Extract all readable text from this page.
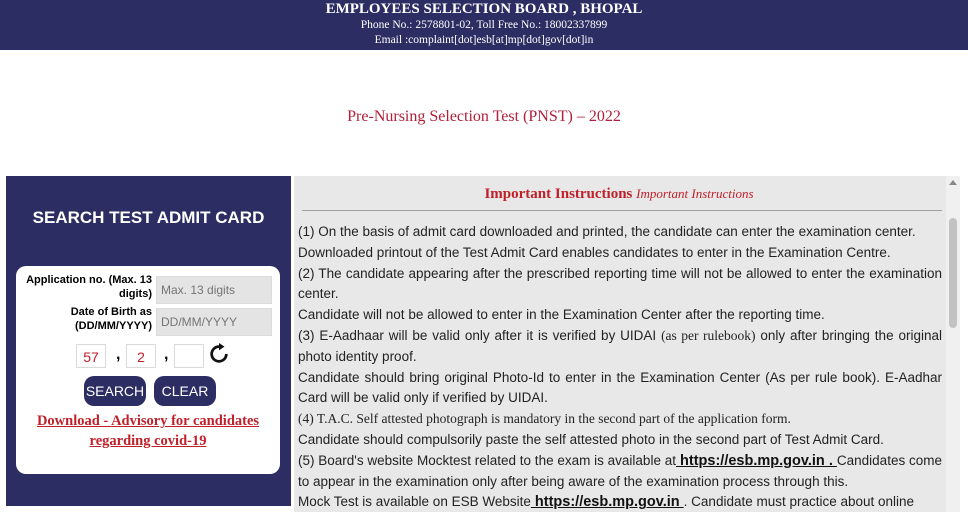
EMPLOYEES SELECTION BOARD , BHOPAL
Phone No.: 2578801-02, Toll Free No.: 18002337899
Email :complaint[dot]esb[at]mp[dot]gov[dot]in
Pre-Nursing Selection Test (PNST) – 2022
SEARCH TEST ADMIT CARD
Application no. (Max. 13
digits)
Max. 13 digits
Date of Birth as
(DD/MM/YYYY)
DD/MM/YYYY
57	,	2	,
SEARCH	CLEAR
Download - Advisory for candidates regarding covid-19
Important Instructions Important Instructions

(1) On the basis of admit card downloaded and printed, the candidate can enter the examination center.

Downloaded printout of the Test Admit Card enables candidates to enter in the Examination Centre.

(2) The candidate appearing after the prescribed reporting time will not be allowed to enter the examination center.

Candidate will not be allowed to enter in the Examination Center after the reporting time.

(3) E-Aadhaar will be valid only after it is verified by UIDAI (as per rulebook) only after bringing the original photo identity proof.

Candidate should bring original Photo-Id to enter in the Examination Center (As per rule book). E-Aadhar Card will be valid only if verified by UIDAI.

(4) T.A.C. Self attested photograph is mandatory in the second part of the application form.

Candidate should compulsorily paste the self attested photo in the second part of Test Admit Card.

(5) Board's website Mocktest related to the exam is available at https://esb.mp.gov.in . Candidates come to appear in the examination only after being aware of the examination process through this.

Mock Test is available on ESB Website https://esb.mp.gov.in . Candidate must practice about online
